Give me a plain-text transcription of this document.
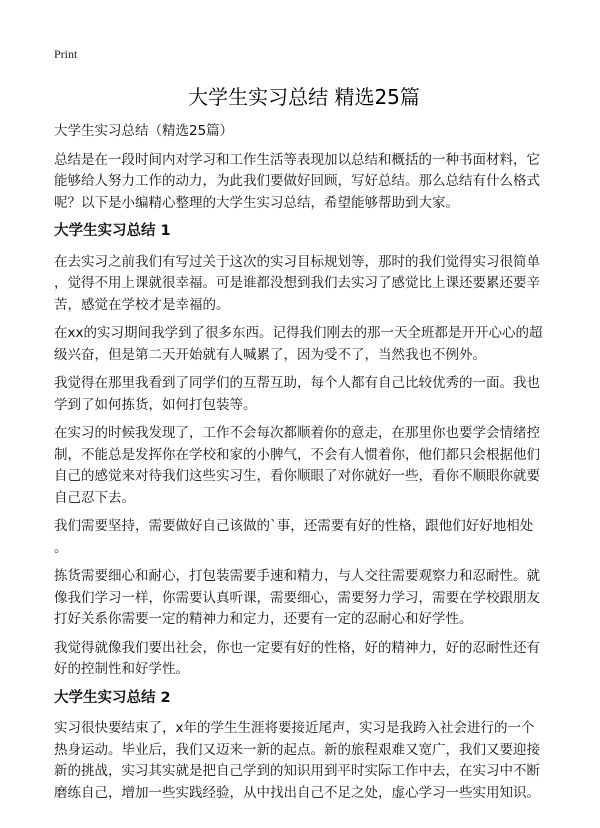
Print
大学生实习总结 精选25篇
大学生实习总结（精选25篇）
总结是在一段时间内对学习和工作生活等表现加以总结和概括的一种书面材料，它
能够给人努力工作的动力，为此我们要做好回顾，写好总结。那么总结有什么格式
呢？以下是小编精心整理的大学生实习总结，希望能够帮助到大家。
大学生实习总结 1
在去实习之前我们有写过关于这次的实习目标规划等，那时的我们觉得实习很简单
，觉得不用上课就很幸福。可是谁都没想到我们去实习了感觉比上课还要累还要辛
苦，感觉在学校才是幸福的。
在xx的实习期间我学到了很多东西。记得我们刚去的那一天全班都是开开心心的超
级兴奋，但是第二天开始就有人喊累了，因为受不了，当然我也不例外。
我觉得在那里我看到了同学们的互帮互助，每个人都有自己比较优秀的一面。我也
学到了如何拣货，如何打包装等。
在实习的时候我发现了，工作不会每次都顺着你的意走，在那里你也要学会情绪控
制，不能总是发挥你在学校和家的小脾气，不会有人惯着你，他们都只会根据他们
自己的感觉来对待我们这些实习生，看你顺眼了对你就好一些，看你不顺眼你就要
自己忍下去。
我们需要坚持，需要做好自己该做的`事，还需要有好的性格，跟他们好好地相处
。
拣货需要细心和耐心，打包装需要手速和精力，与人交往需要观察力和忍耐性。就
像我们学习一样，你需要认真听课，需要细心，需要努力学习，需要在学校跟朋友
打好关系你需要一定的精神力和定力，还要有一定的忍耐心和好学性。
我觉得就像我们要出社会，你也一定要有好的性格，好的精神力，好的忍耐性还有
好的控制性和好学性。
大学生实习总结 2
实习很快要结束了，x年的学生生涯将要接近尾声，实习是我跨入社会进行的一个
热身运动。毕业后，我们又迈来一新的起点。新的旅程艰难又宽广，我们又要迎接
新的挑战，实习其实就是把自己学到的知识用到平时实际工作中去，在实习中不断
磨练自己，增加一些实践经验，从中找出自己不足之处，虚心学习一些实用知识。
